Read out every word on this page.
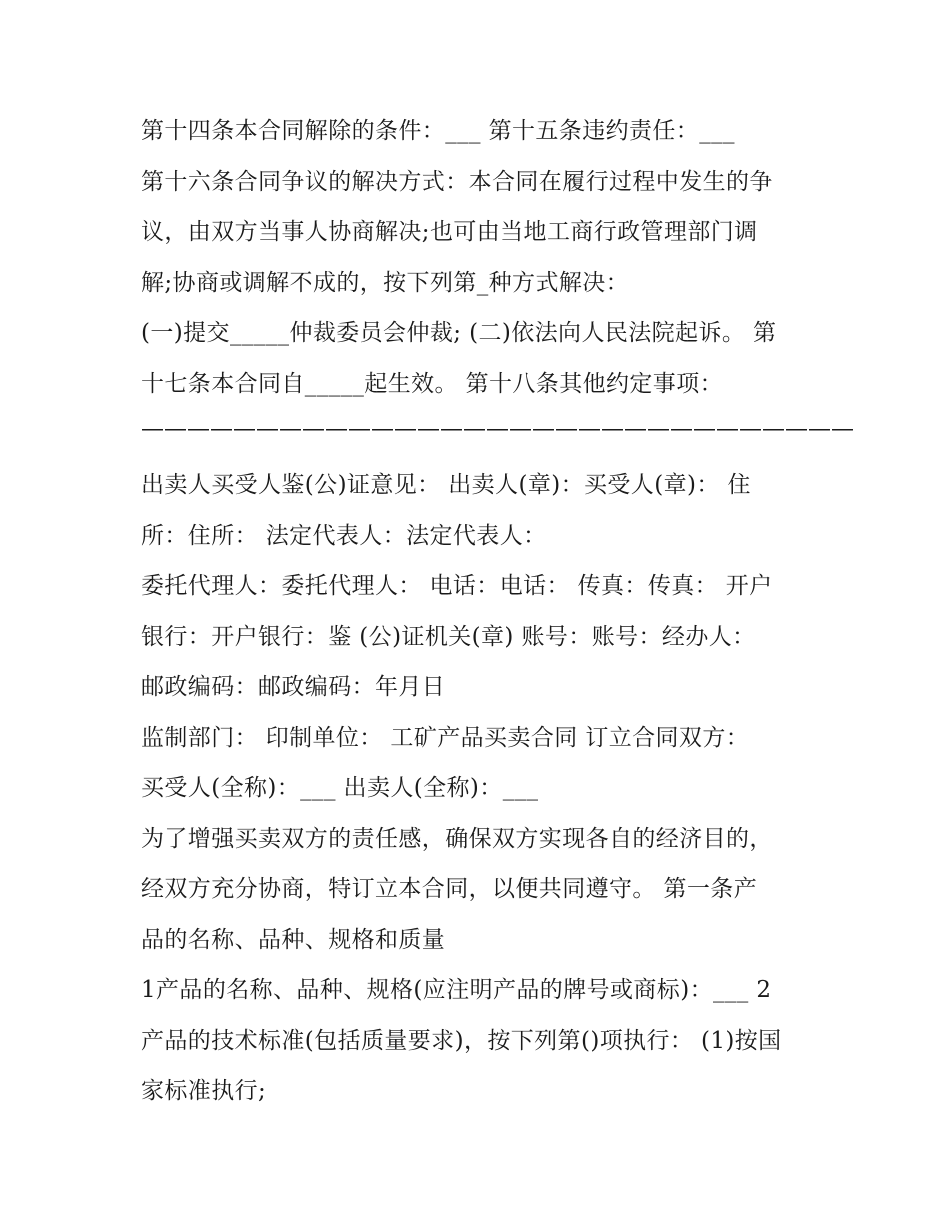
第十四条本合同解除的条件：___ 第十五条违约责任：___
第十六条合同争议的解决方式：本合同在履行过程中发生的争
议，由双方当事人协商解决;也可由当地工商行政管理部门调
解;协商或调解不成的，按下列第_种方式解决：
(一)提交_____仲裁委员会仲裁; (二)依法向人民法院起诉。 第
十七条本合同自_____起生效。 第十八条其他约定事项：
———————————————————————————————
出卖人买受人鉴(公)证意见： 出卖人(章)：买受人(章)： 住
所：住所： 法定代表人：法定代表人：
委托代理人：委托代理人： 电话：电话： 传真：传真： 开户
银行：开户银行：鉴 (公)证机关(章) 账号：账号：经办人：
邮政编码：邮政编码：年月日
监制部门： 印制单位： 工矿产品买卖合同 订立合同双方：
买受人(全称)：___ 出卖人(全称)：___
为了增强买卖双方的责任感，确保双方实现各自的经济目的，
经双方充分协商，特订立本合同，以便共同遵守。 第一条产
品的名称、品种、规格和质量
1产品的名称、品种、规格(应注明产品的牌号或商标)：___ 2
产品的技术标准(包括质量要求)，按下列第()项执行： (1)按国
家标准执行;
